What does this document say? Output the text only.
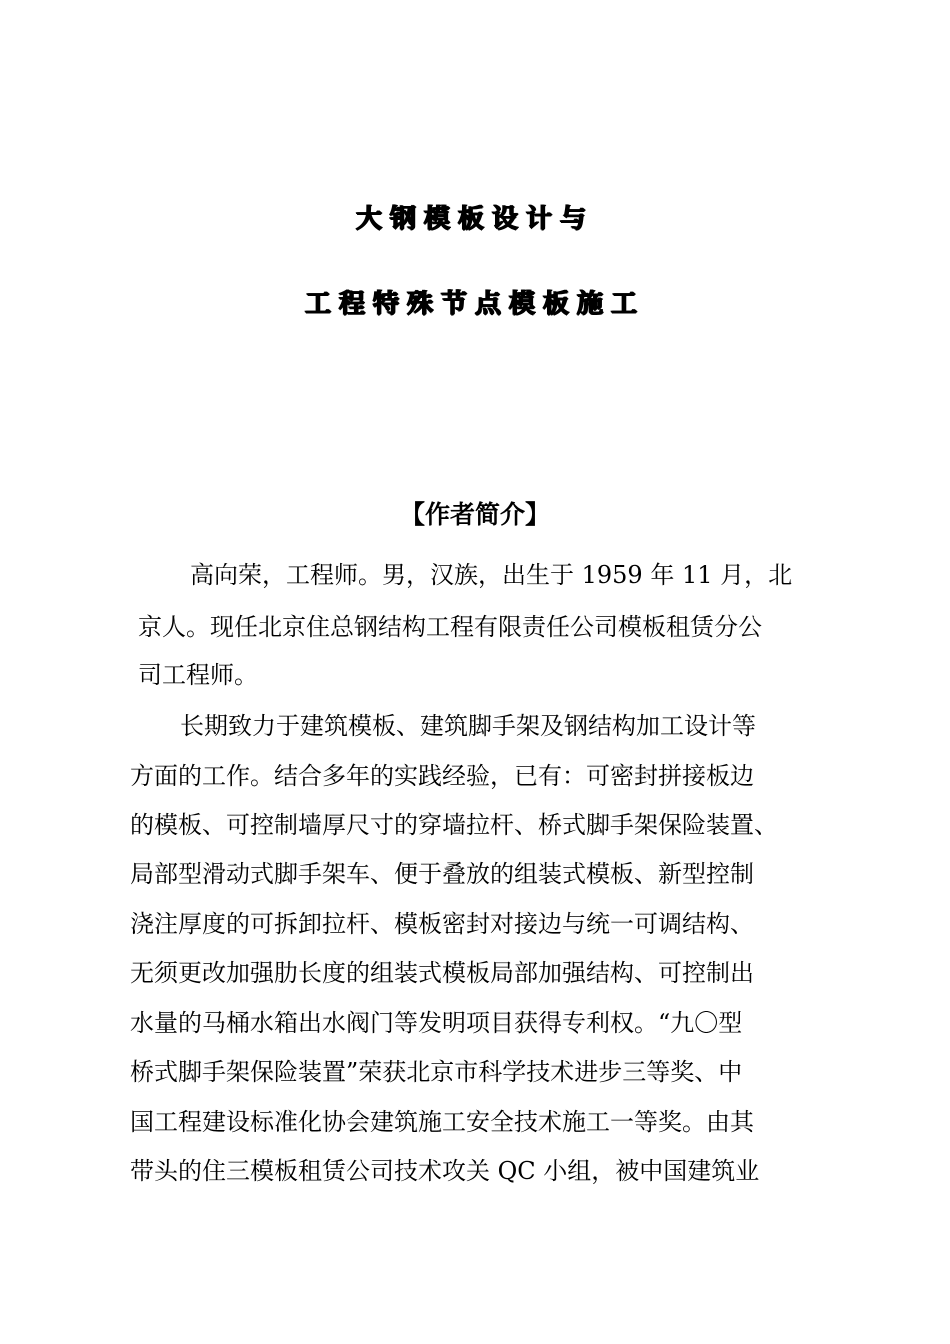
大钢模板设计与
工程特殊节点模板施工
【作者简介】
高向荣，工程师。男，汉族，出生于 1959 年 11 月，北
京人。现任北京住总钢结构工程有限责任公司模板租赁分公
司工程师。
长期致力于建筑模板、建筑脚手架及钢结构加工设计等
方面的工作。结合多年的实践经验，已有：可密封拼接板边
的模板、可控制墙厚尺寸的穿墙拉杆、桥式脚手架保险装置、
局部型滑动式脚手架车、便于叠放的组装式模板、新型控制
浇注厚度的可拆卸拉杆、模板密封对接边与统一可调结构、
无须更改加强肋长度的组装式模板局部加强结构、可控制出
水量的马桶水箱出水阀门等发明项目获得专利权。“九〇型
桥式脚手架保险装置”荣获北京市科学技术进步三等奖、中
国工程建设标准化协会建筑施工安全技术施工一等奖。由其
带头的住三模板租赁公司技术攻关 QC 小组，被中国建筑业
